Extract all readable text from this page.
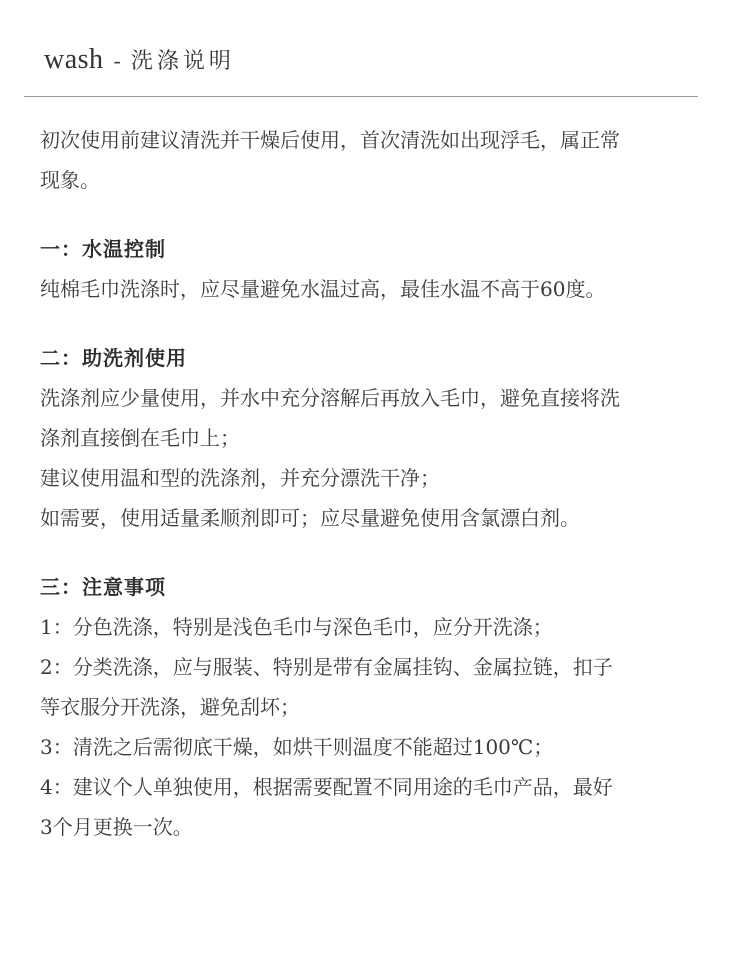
wash - 洗涤说明

初次使用前建议清洗并干燥后使用，首次清洗如出现浮毛，属正常

现象。

一：水温控制

纯棉毛巾洗涤时，应尽量避免水温过高，最佳水温不高于60度。

二：助洗剂使用

洗涤剂应少量使用，并水中充分溶解后再放入毛巾，避免直接将洗

涤剂直接倒在毛巾上；

建议使用温和型的洗涤剂，并充分漂洗干净；

如需要，使用适量柔顺剂即可；应尽量避免使用含氯漂白剂。

三：注意事项

1：分色洗涤，特别是浅色毛巾与深色毛巾，应分开洗涤；

2：分类洗涤，应与服装、特别是带有金属挂钩、金属拉链，扣子

等衣服分开洗涤，避免刮坏；

3：清洗之后需彻底干燥，如烘干则温度不能超过100℃；

4：建议个人单独使用，根据需要配置不同用途的毛巾产品，最好

3个月更换一次。
